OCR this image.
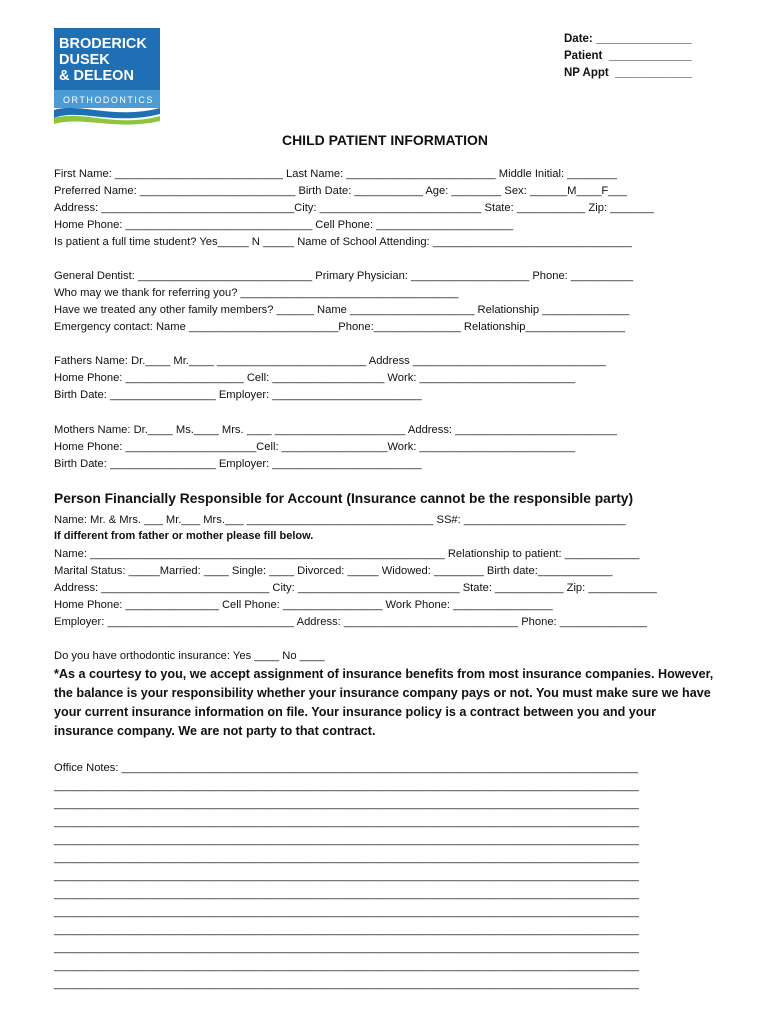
BRODERICK
DUSEK
& DELEON
ORTHODONTICS
Date: _______________
Patient  _____________
NP Appt  ____________
CHILD PATIENT INFORMATION
First Name: ___________________________ Last Name: ________________________ Middle Initial: ________
Preferred Name: _________________________ Birth Date: ___________ Age: ________ Sex: ______M____F___
Address: _______________________________City: __________________________ State: ___________ Zip: _______
Home Phone: ______________________________ Cell Phone: ______________________
Is patient a full time student? Yes_____ N _____ Name of School Attending: ________________________________
General Dentist: ____________________________ Primary Physician: ___________________ Phone: __________
Who may we thank for referring you? ___________________________________
Have we treated any other family members? ______ Name ____________________ Relationship ______________
Emergency contact: Name ________________________Phone:______________ Relationship________________
Fathers Name: Dr.____ Mr.____ ________________________ Address _______________________________
Home Phone: ___________________ Cell: __________________ Work: _________________________
Birth Date: _________________ Employer: ________________________
Mothers Name: Dr.____ Ms.____ Mrs. ____ _____________________ Address: __________________________
Home Phone: _____________________Cell: _________________Work: _________________________
Birth Date: _________________ Employer: ________________________
Person Financially Responsible for Account (Insurance cannot be the responsible party)
Name: Mr. & Mrs. ___ Mr.___ Mrs.___ ______________________________ SS#: __________________________
If different from father or mother please fill below.
Name: _________________________________________________________ Relationship to patient: ____________
Marital Status: _____Married: ____ Single: ____ Divorced: _____ Widowed: ________ Birth date:____________
Address: ___________________________ City: __________________________ State: ___________ Zip: ___________
Home Phone: _______________ Cell Phone: ________________ Work Phone: ________________
Employer: ______________________________ Address: ____________________________ Phone: ______________
Do you have orthodontic insurance: Yes ____ No ____

*As a courtesy to you, we accept assignment of insurance benefits from most insurance companies. However, the balance is your responsibility whether your insurance company pays or not. You must make sure we have your current insurance information on file. Your insurance policy is a contract between you and your insurance company. We are not party to that contract.

Office Notes: ___________________________________________________________________________________
______________________________________________________________________________________________
______________________________________________________________________________________________
______________________________________________________________________________________________
______________________________________________________________________________________________
______________________________________________________________________________________________
______________________________________________________________________________________________
______________________________________________________________________________________________
______________________________________________________________________________________________
______________________________________________________________________________________________
______________________________________________________________________________________________
______________________________________________________________________________________________
______________________________________________________________________________________________
